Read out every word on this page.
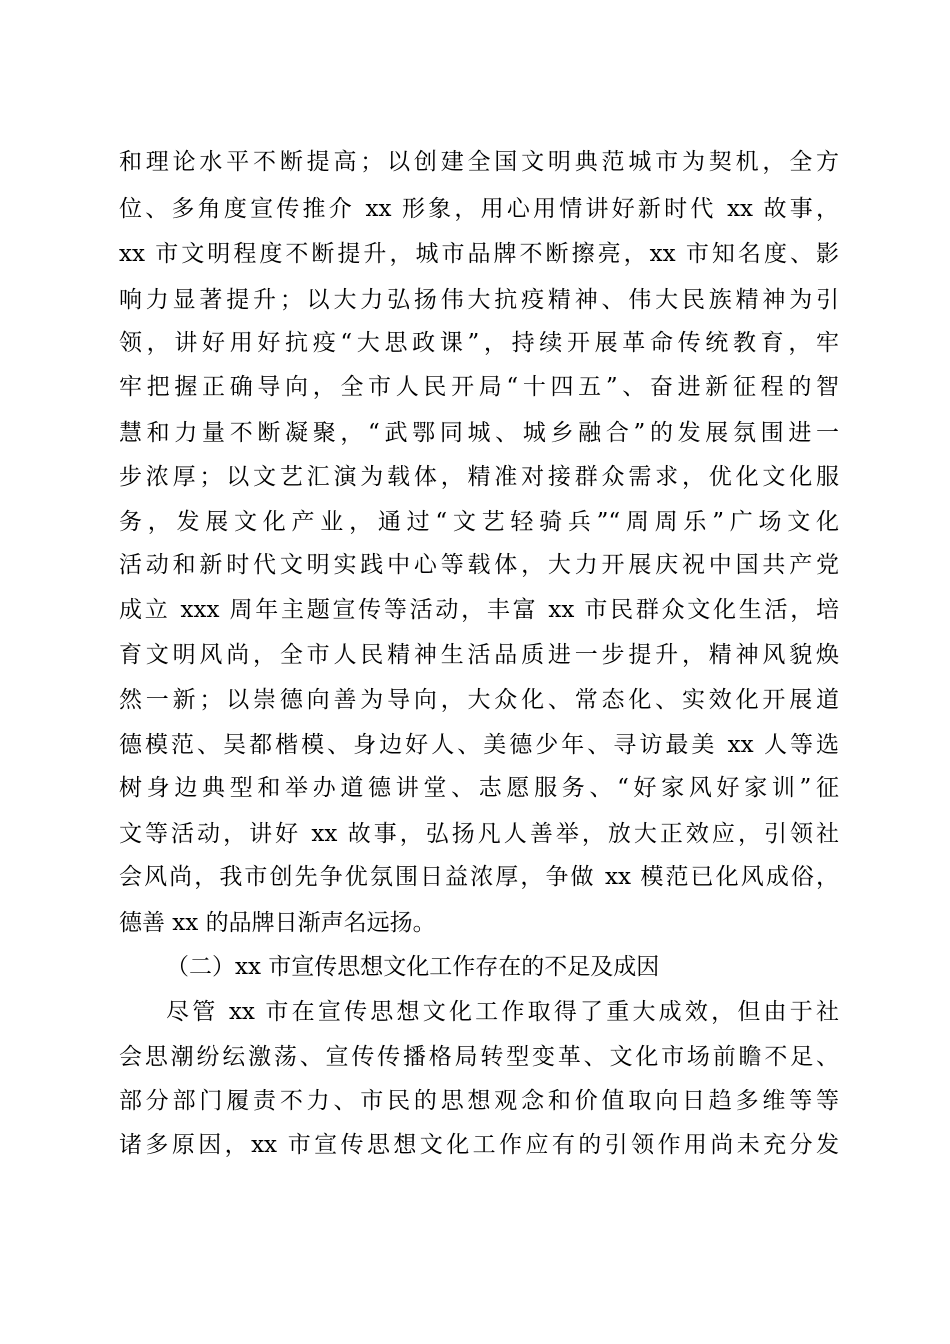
和理论水平不断提高；以创建全国文明典范城市为契机，全方
位、多角度宣传推介 xx 形象，用心用情讲好新时代 xx 故事，
xx 市文明程度不断提升，城市品牌不断擦亮，xx 市知名度、影
响力显著提升；以大力弘扬伟大抗疫精神、伟大民族精神为引
领，讲好用好抗疫“大思政课”，持续开展革命传统教育，牢
牢把握正确导向，全市人民开局“十四五”、奋进新征程的智
慧和力量不断凝聚，“武鄂同城、城乡融合”的发展氛围进一
步浓厚；以文艺汇演为载体，精准对接群众需求，优化文化服
务，发展文化产业，通过“文艺轻骑兵”“周周乐”广场文化
活动和新时代文明实践中心等载体，大力开展庆祝中国共产党
成立 xxx 周年主题宣传等活动，丰富 xx 市民群众文化生活，培
育文明风尚，全市人民精神生活品质进一步提升，精神风貌焕
然一新；以崇德向善为导向，大众化、常态化、实效化开展道
德模范、吴都楷模、身边好人、美德少年、寻访最美 xx 人等选
树身边典型和举办道德讲堂、志愿服务、“好家风好家训”征
文等活动，讲好 xx 故事，弘扬凡人善举，放大正效应，引领社
会风尚，我市创先争优氛围日益浓厚，争做 xx 模范已化风成俗，
德善 xx 的品牌日渐声名远扬。
（二）xx 市宣传思想文化工作存在的不足及成因
尽管 xx 市在宣传思想文化工作取得了重大成效，但由于社
会思潮纷纭激荡、宣传传播格局转型变革、文化市场前瞻不足、
部分部门履责不力、市民的思想观念和价值取向日趋多维等等
诸多原因，xx 市宣传思想文化工作应有的引领作用尚未充分发
